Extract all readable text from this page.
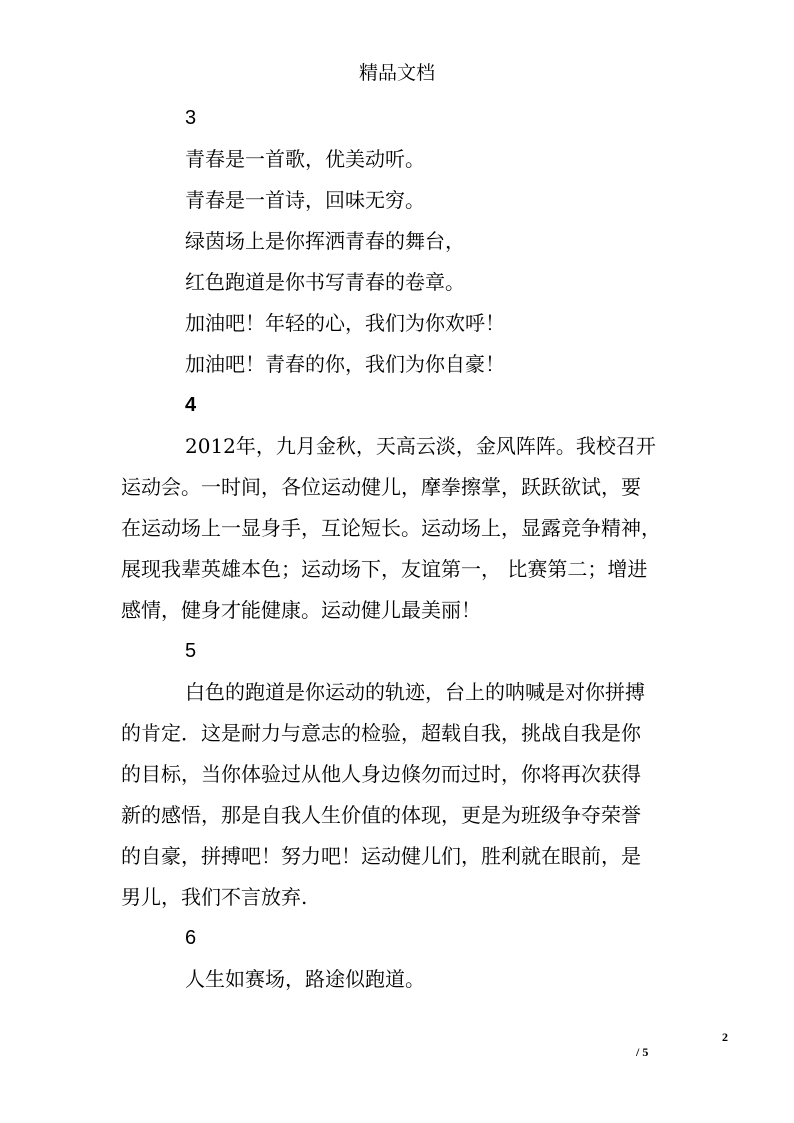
精品文档
3
青春是一首歌，优美动听。
青春是一首诗，回味无穷。
绿茵场上是你挥洒青春的舞台，
红色跑道是你书写青春的卷章。
加油吧！年轻的心，我们为你欢呼！
加油吧！青春的你，我们为你自豪！
4
2012年，九月金秋，天高云淡，金风阵阵。我校召开
运动会。一时间，各位运动健儿，摩拳擦掌，跃跃欲试，要
在运动场上一显身手，互论短长。运动场上，显露竞争精神，
展现我辈英雄本色；运动场下，友谊第一， 比赛第二；增进
感情，健身才能健康。运动健儿最美丽！
5
白色的跑道是你运动的轨迹，台上的呐喊是对你拼搏
的肯定．这是耐力与意志的检验，超载自我，挑战自我是你
的目标，当你体验过从他人身边倏勿而过时，你将再次获得
新的感悟，那是自我人生价值的体现，更是为班级争夺荣誉
的自豪，拼搏吧！努力吧！运动健儿们，胜利就在眼前，是
男儿，我们不言放弃.
6
人生如赛场，路途似跑道。
2
/ 5
